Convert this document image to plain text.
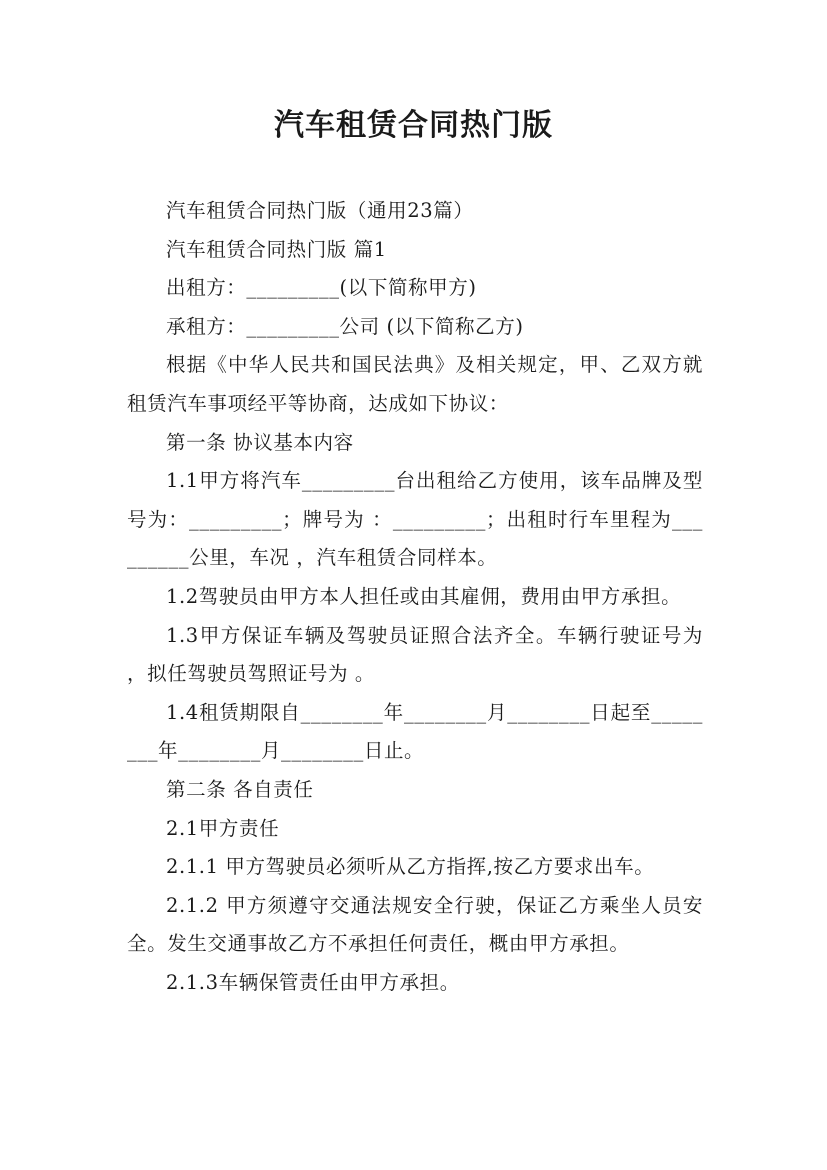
汽车租赁合同热门版

汽车租赁合同热门版（通用23篇）

汽车租赁合同热门版 篇1

出租方：_________(以下简称甲方)

承租方：_________公司 (以下简称乙方)

根据《中华人民共和国民法典》及相关规定，甲、乙双方就租赁汽车事项经平等协商，达成如下协议：

第一条 协议基本内容

1.1甲方将汽车_________台出租给乙方使用，该车品牌及型号为：_________；牌号为 ：_________；出租时行车里程为_________公里，车况 ，汽车租赁合同样本。

1.2驾驶员由甲方本人担任或由其雇佣，费用由甲方承担。

1.3甲方保证车辆及驾驶员证照合法齐全。车辆行驶证号为 ，拟任驾驶员驾照证号为 。

1.4租赁期限自________年________月________日起至________年________月________日止。

第二条 各自责任

2.1甲方责任

2.1.1 甲方驾驶员必须听从乙方指挥,按乙方要求出车。

2.1.2 甲方须遵守交通法规安全行驶，保证乙方乘坐人员安全。发生交通事故乙方不承担任何责任，概由甲方承担。

2.1.3车辆保管责任由甲方承担。
